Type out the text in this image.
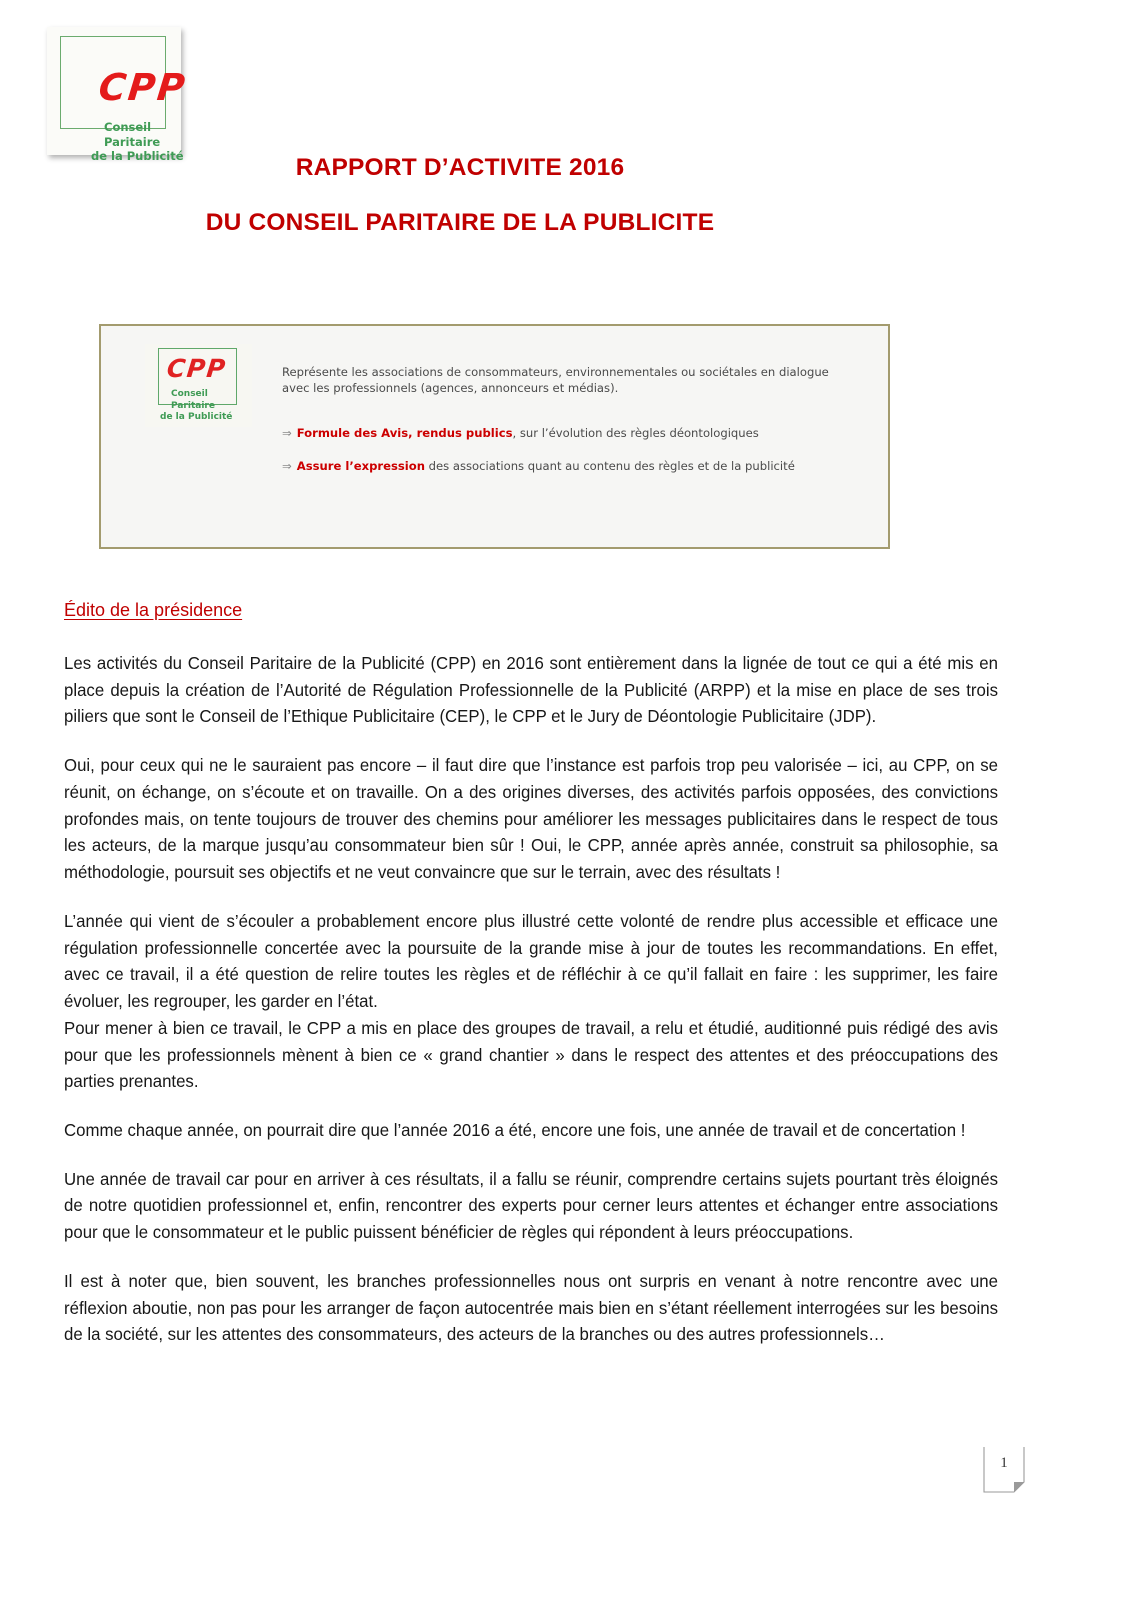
CPP
Conseil
Paritaire
de la Publicité	RAPPORT D’ACTIVITE 2016
DU CONSEIL PARITAIRE DE LA PUBLICITE
CPP
Conseil
Paritaire
de la Publicité
Représente les associations de consommateurs, environnementales ou sociétales en dialogue avec les professionnels (agences, annonceurs et médias).
⇒ Formule des Avis, rendus publics, sur l’évolution des règles déontologiques
⇒ Assure l’expression des associations quant au contenu des règles et de la publicité
Édito de la présidence

Les activités du Conseil Paritaire de la Publicité (CPP) en 2016 sont entièrement dans la lignée de tout ce qui a été mis en place depuis la création de l’Autorité de Régulation Professionnelle de la Publicité (ARPP) et la mise en place de ses trois piliers que sont le Conseil de l’Ethique Publicitaire (CEP), le CPP et le Jury de Déontologie Publicitaire (JDP).

Oui, pour ceux qui ne le sauraient pas encore – il faut dire que l’instance est parfois trop peu valorisée – ici, au CPP, on se réunit, on échange, on s’écoute et on travaille. On a des origines diverses, des activités parfois opposées, des convictions profondes mais, on tente toujours de trouver des chemins pour améliorer les messages publicitaires dans le respect de tous les acteurs, de la marque jusqu’au consommateur bien sûr ! Oui, le CPP, année après année, construit sa philosophie, sa méthodologie, poursuit ses objectifs et ne veut convaincre que sur le terrain, avec des résultats !

L’année qui vient de s’écouler a probablement encore plus illustré cette volonté de rendre plus accessible et efficace une régulation professionnelle concertée avec la poursuite de la grande mise à jour de toutes les recommandations. En effet, avec ce travail, il a été question de relire toutes les règles et de réfléchir à ce qu’il fallait en faire : les supprimer, les faire évoluer, les regrouper, les garder en l’état.

Pour mener à bien ce travail, le CPP a mis en place des groupes de travail, a relu et étudié, auditionné puis rédigé des avis pour que les professionnels mènent à bien ce « grand chantier » dans le respect des attentes et des préoccupations des parties prenantes.

Comme chaque année, on pourrait dire que l’année 2016 a été, encore une fois, une année de travail et de concertation !

Une année de travail car pour en arriver à ces résultats, il a fallu se réunir, comprendre certains sujets pourtant très éloignés de notre quotidien professionnel et, enfin, rencontrer des experts pour cerner leurs attentes et échanger entre associations pour que le consommateur et le public puissent bénéficier de règles qui répondent à leurs préoccupations.

Il est à noter que, bien souvent, les branches professionnelles nous ont surpris en venant à notre rencontre avec une réflexion aboutie, non pas pour les arranger de façon autocentrée mais bien en s’étant réellement interrogées sur les besoins de la société, sur les attentes des consommateurs, des acteurs de la branches ou des autres professionnels…

1
